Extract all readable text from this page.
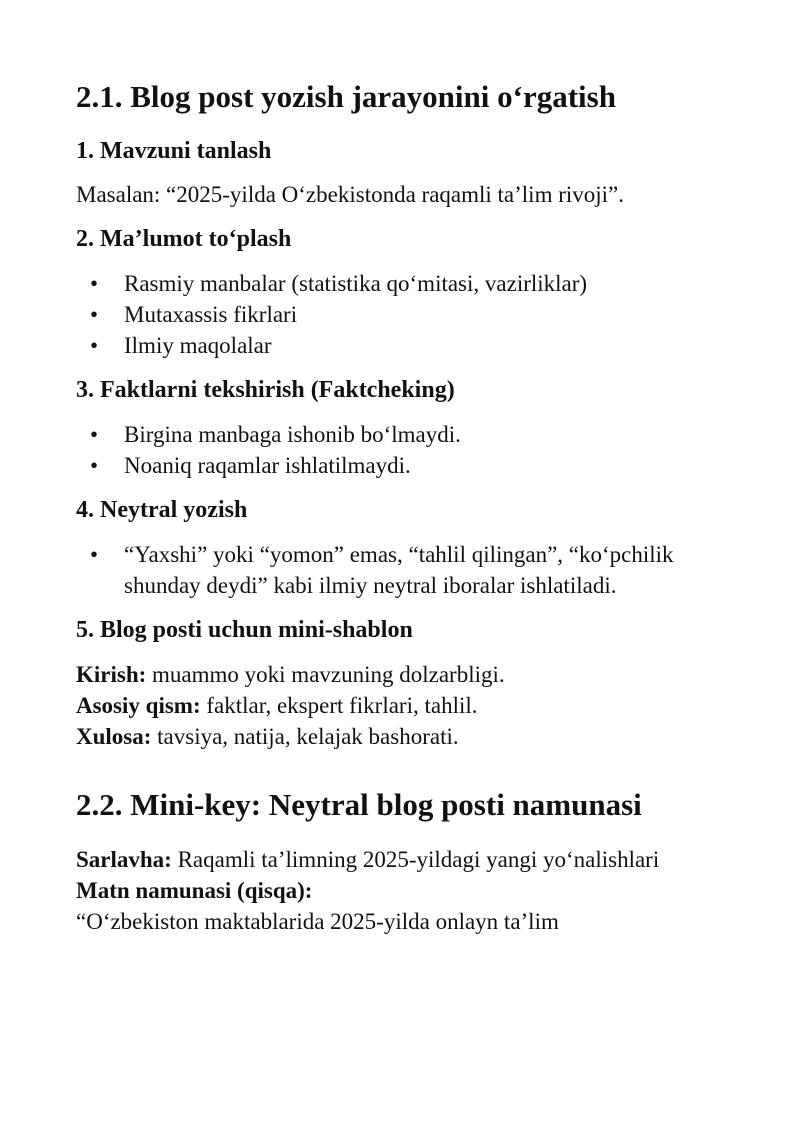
2.1. Blog post yozish jarayonini o‘rgatish
1. Mavzuni tanlash

Masalan: “2025-yilda O‘zbekistonda raqamli ta’lim rivoji”.

2. Ma’lumot to‘plash
• Rasmiy manbalar (statistika qo‘mitasi, vazirliklar)
• Mutaxassis fikrlari
• Ilmiy maqolalar
3. Faktlarni tekshirish (Faktcheking)
• Birgina manbaga ishonib bo‘lmaydi.
• Noaniq raqamlar ishlatilmaydi.
4. Neytral yozish
• “Yaxshi” yoki “yomon” emas, “tahlil qilingan”, “ko‘pchilik shunday deydi” kabi ilmiy neytral iboralar ishlatiladi.
5. Blog posti uchun mini-shablon

Kirish: muammo yoki mavzuning dolzarbligi.

Asosiy qism: faktlar, ekspert fikrlari, tahlil.

Xulosa: tavsiya, natija, kelajak bashorati.

2.2. Mini-key: Neytral blog posti namunasi

Sarlavha: Raqamli ta’limning 2025-yildagi yangi yo‘nalishlari

Matn namunasi (qisqa):

“O‘zbekiston maktablarida 2025-yilda onlayn ta’lim
